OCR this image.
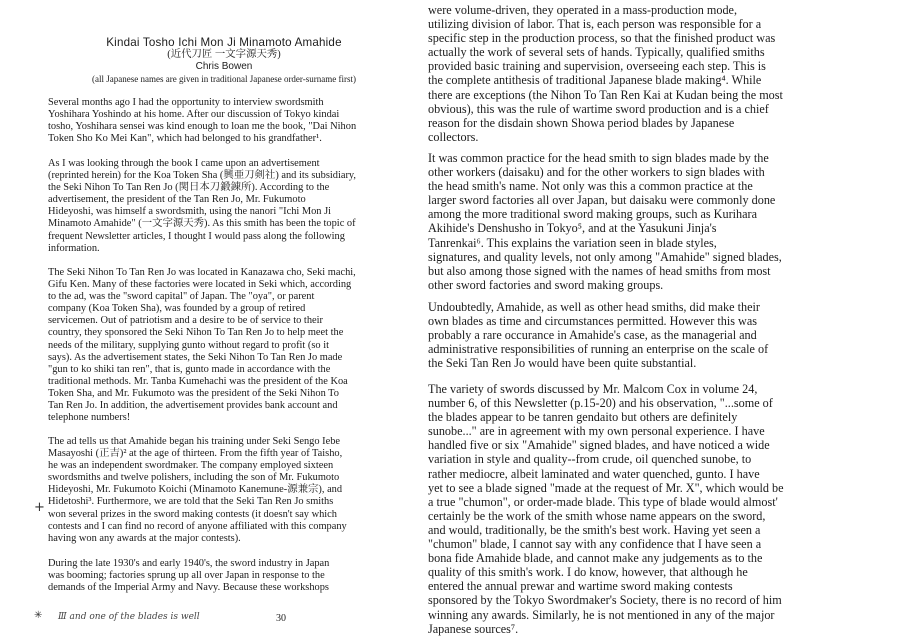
Kindai Tosho Ichi Mon Ji Minamoto Amahide
(近代刀匠 一文字源天秀)
Chris Bowen
(all Japanese names are given in traditional Japanese order-surname first)

Several months ago I had the opportunity to interview swordsmith
Yoshihara Yoshindo at his home. After our discussion of Tokyo kindai
tosho, Yoshihara sensei was kind enough to loan me the book, "Dai Nihon
Token Sho Ko Mei Kan", which had belonged to his grandfather¹.

As I was looking through the book I came upon an advertisement
(reprinted herein) for the Koa Token Sha (興亜刀剣社) and its subsidiary,
the Seki Nihon To Tan Ren Jo (関日本刀鍛錬所). According to the
advertisement, the president of the Tan Ren Jo, Mr. Fukumoto
Hideyoshi, was himself a swordsmith, using the nanori "Ichi Mon Ji
Minamoto Amahide" (一文字源天秀). As this smith has been the topic of
frequent Newsletter articles, I thought I would pass along the following
information.

The Seki Nihon To Tan Ren Jo was located in Kanazawa cho, Seki machi,
Gifu Ken. Many of these factories were located in Seki which, according
to the ad, was the "sword capital" of Japan. The "oya", or parent
company (Koa Token Sha), was founded by a group of retired
servicemen. Out of patriotism and a desire to be of service to their
country, they sponsored the Seki Nihon To Tan Ren Jo to help meet the
needs of the military, supplying gunto without regard to profit (so it
says). As the advertisement states, the Seki Nihon To Tan Ren Jo made
"gun to ko shiki tan ren", that is, gunto made in accordance with the
traditional methods. Mr. Tanba Kumehachi was the president of the Koa
Token Sha, and Mr. Fukumoto was the president of the Seki Nihon To
Tan Ren Jo. In addition, the advertisement provides bank account and
telephone numbers!

The ad tells us that Amahide began his training under Seki Sengo Iebe
Masayoshi (正吉)² at the age of thirteen. From the fifth year of Taisho,
he was an independent swordmaker. The company employed sixteen
swordsmiths and twelve polishers, including the son of Mr. Fukumoto
Hideyoshi, Mr. Fukumoto Koichi (Minamoto Kanemune-源兼宗), and
Hidetoshi³. Furthermore, we are told that the Seki Tan Ren Jo smiths
won several prizes in the sword making contests (it doesn't say which
contests and I can find no record of anyone affiliated with this company
having won any awards at the major contests).

During the late 1930's and early 1940's, the sword industry in Japan
was booming; factories sprung up all over Japan in response to the
demands of the Imperial Army and Navy. Because these workshops

30
+
✳ Ⅲ and one of the blades is well

were volume-driven, they operated in a mass-production mode,
utilizing division of labor. That is, each person was responsible for a
specific step in the production process, so that the finished product was
actually the work of several sets of hands. Typically, qualified smiths
provided basic training and supervision, overseeing each step. This is
the complete antithesis of traditional Japanese blade making⁴. While
there are exceptions (the Nihon To Tan Ren Kai at Kudan being the most
obvious), this was the rule of wartime sword production and is a chief
reason for the disdain shown Showa period blades by Japanese
collectors.

It was common practice for the head smith to sign blades made by the
other workers (daisaku) and for the other workers to sign blades with
the head smith's name. Not only was this a common practice at the
larger sword factories all over Japan, but daisaku were commonly done
among the more traditional sword making groups, such as Kurihara
Akihide's Denshusho in Tokyo⁵, and at the Yasukuni Jinja's
Tanrenkai⁶. This explains the variation seen in blade styles,
signatures, and quality levels, not only among "Amahide" signed blades,
but also among those signed with the names of head smiths from most
other sword factories and sword making groups.

Undoubtedly, Amahide, as well as other head smiths, did make their
own blades as time and circumstances permitted. However this was
probably a rare occurance in Amahide's case, as the managerial and
administrative responsibilities of running an enterprise on the scale of
the Seki Tan Ren Jo would have been quite substantial.

The variety of swords discussed by Mr. Malcom Cox in volume 24,
number 6, of this Newsletter (p.15-20) and his observation, "...some of
the blades appear to be tanren gendaito but others are definitely
sunobe..." are in agreement with my own personal experience. I have
handled five or six "Amahide" signed blades, and have noticed a wide
variation in style and quality--from crude, oil quenched sunobe, to
rather mediocre, albeit laminated and water quenched, gunto. I have
yet to see a blade signed "made at the request of Mr. X", which would be
a true "chumon", or order-made blade. This type of blade would almost'
certainly be the work of the smith whose name appears on the sword,
and would, traditionally, be the smith's best work. Having yet seen a
"chumon" blade, I cannot say with any confidence that I have seen a
bona fide Amahide blade, and cannot make any judgements as to the
quality of this smith's work. I do know, however, that although he
entered the annual prewar and wartime sword making contests
sponsored by the Tokyo Swordmaker's Society, there is no record of him
winning any awards. Similarly, he is not mentioned in any of the major
Japanese sources⁷.
